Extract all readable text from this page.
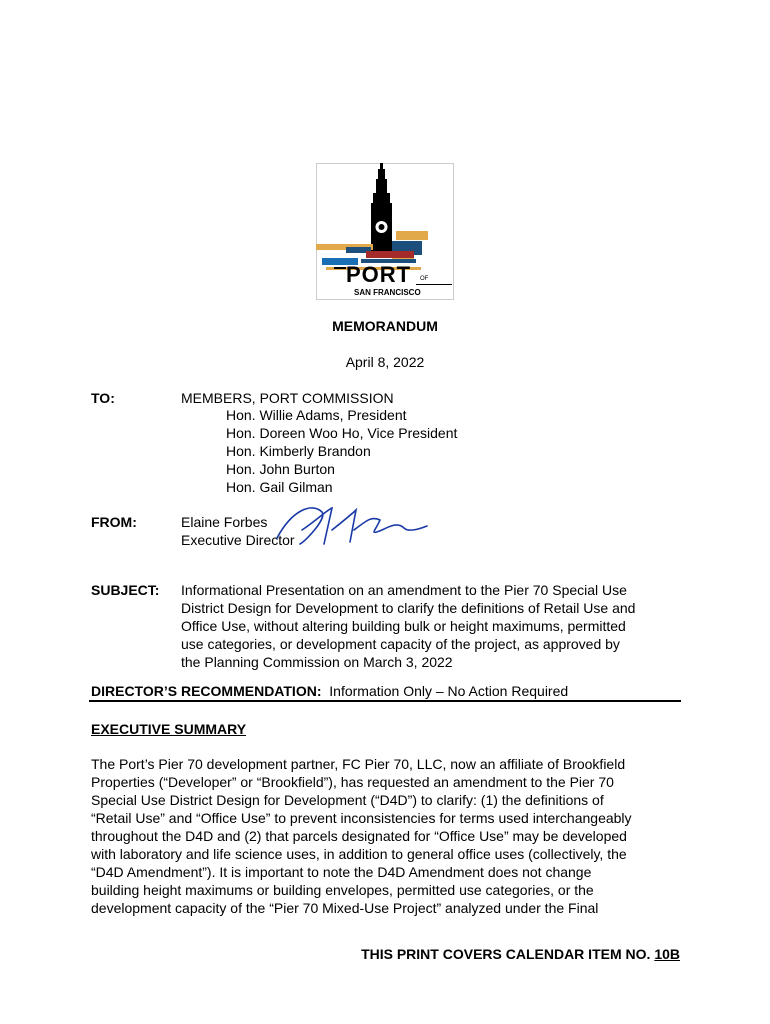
PORT OF
SAN FRANCISCO
MEMORANDUM
April 8, 2022
TO:	MEMBERS, PORT COMMISSION
Hon. Willie Adams, President
Hon. Doreen Woo Ho, Vice President
Hon. Kimberly Brandon
Hon. John Burton
Hon. Gail Gilman
FROM:	Elaine Forbes
Executive Director
SUBJECT: Informational Presentation on an amendment to the Pier 70 Special Use
District Design for Development to clarify the definitions of Retail Use and
Office Use, without altering building bulk or height maximums, permitted
use categories, or development capacity of the project, as approved by
the Planning Commission on March 3, 2022
DIRECTOR’S RECOMMENDATION: Information Only – No Action Required
EXECUTIVE SUMMARY
The Port’s Pier 70 development partner, FC Pier 70, LLC, now an affiliate of Brookfield
Properties (“Developer” or “Brookfield”), has requested an amendment to the Pier 70
Special Use District Design for Development (“D4D”) to clarify: (1) the definitions of
“Retail Use” and “Office Use” to prevent inconsistencies for terms used interchangeably
throughout the D4D and (2) that parcels designated for “Office Use” may be developed
with laboratory and life science uses, in addition to general office uses (collectively, the
“D4D Amendment”). It is important to note the D4D Amendment does not change
building height maximums or building envelopes, permitted use categories, or the
development capacity of the “Pier 70 Mixed-Use Project” analyzed under the Final
THIS PRINT COVERS CALENDAR ITEM NO. 10B
